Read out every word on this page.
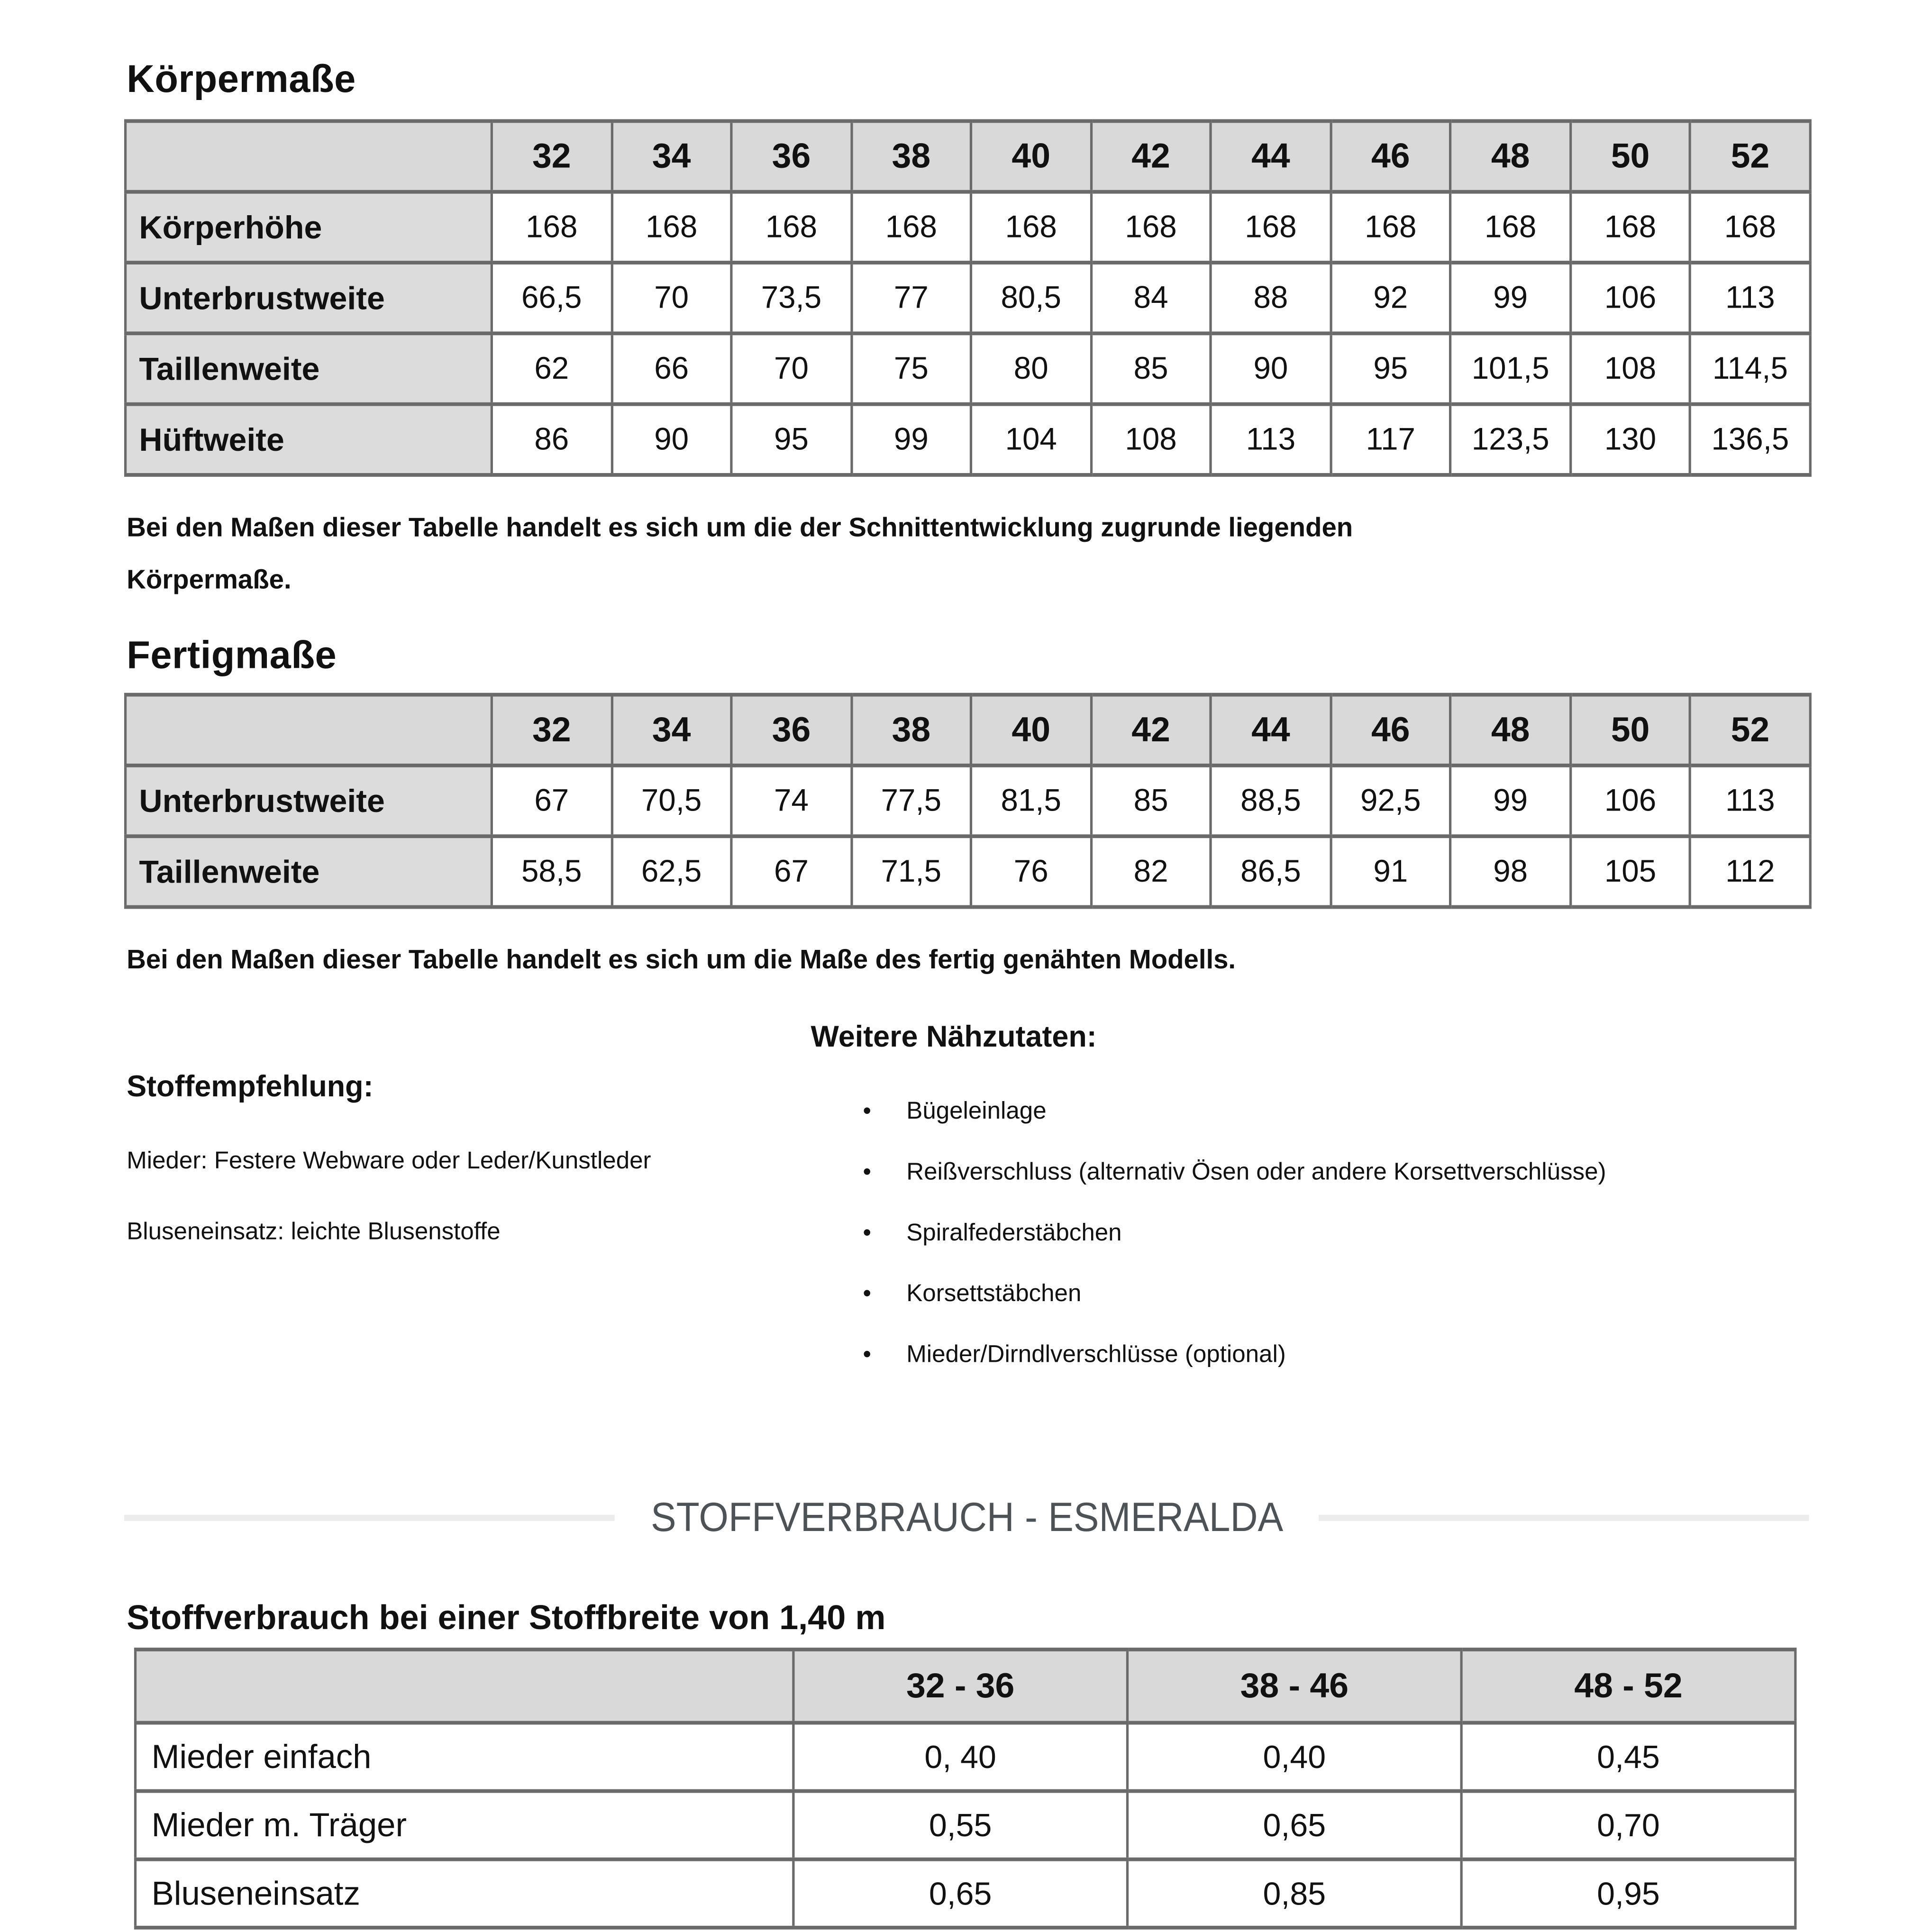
Körpermaße
	32	34	36	38	40	42	44	46	48	50	52
Körperhöhe	168	168	168	168	168	168	168	168	168	168	168
Unterbrustweite	66,5	70	73,5	77	80,5	84	88	92	99	106	113
Taillenweite	62	66	70	75	80	85	90	95	101,5	108	114,5
Hüftweite	86	90	95	99	104	108	113	117	123,5	130	136,5
Bei den Maßen dieser Tabelle handelt es sich um die der Schnittentwicklung zugrunde liegenden
Körpermaße.
Fertigmaße
	32	34	36	38	40	42	44	46	48	50	52
Unterbrustweite	67	70,5	74	77,5	81,5	85	88,5	92,5	99	106	113
Taillenweite	58,5	62,5	67	71,5	76	82	86,5	91	98	105	112
Bei den Maßen dieser Tabelle handelt es sich um die Maße des fertig genähten Modells.
Stoffempfehlung:
Mieder: Festere Webware oder Leder/Kunstleder
Bluseneinsatz: leichte Blusenstoffe
Weitere Nähzutaten:
• Bügeleinlage
• Reißverschluss (alternativ Ösen oder andere Korsettverschlüsse)
• Spiralfederstäbchen
• Korsettstäbchen
• Mieder/Dirndlverschlüsse (optional)
STOFFVERBRAUCH - ESMERALDA
Stoffverbrauch bei einer Stoffbreite von 1,40 m
	32 - 36	38 - 46	48 - 52
Mieder einfach	0, 40	0,40	0,45
Mieder m. Träger	0,55	0,65	0,70
Bluseneinsatz	0,65	0,85	0,95
